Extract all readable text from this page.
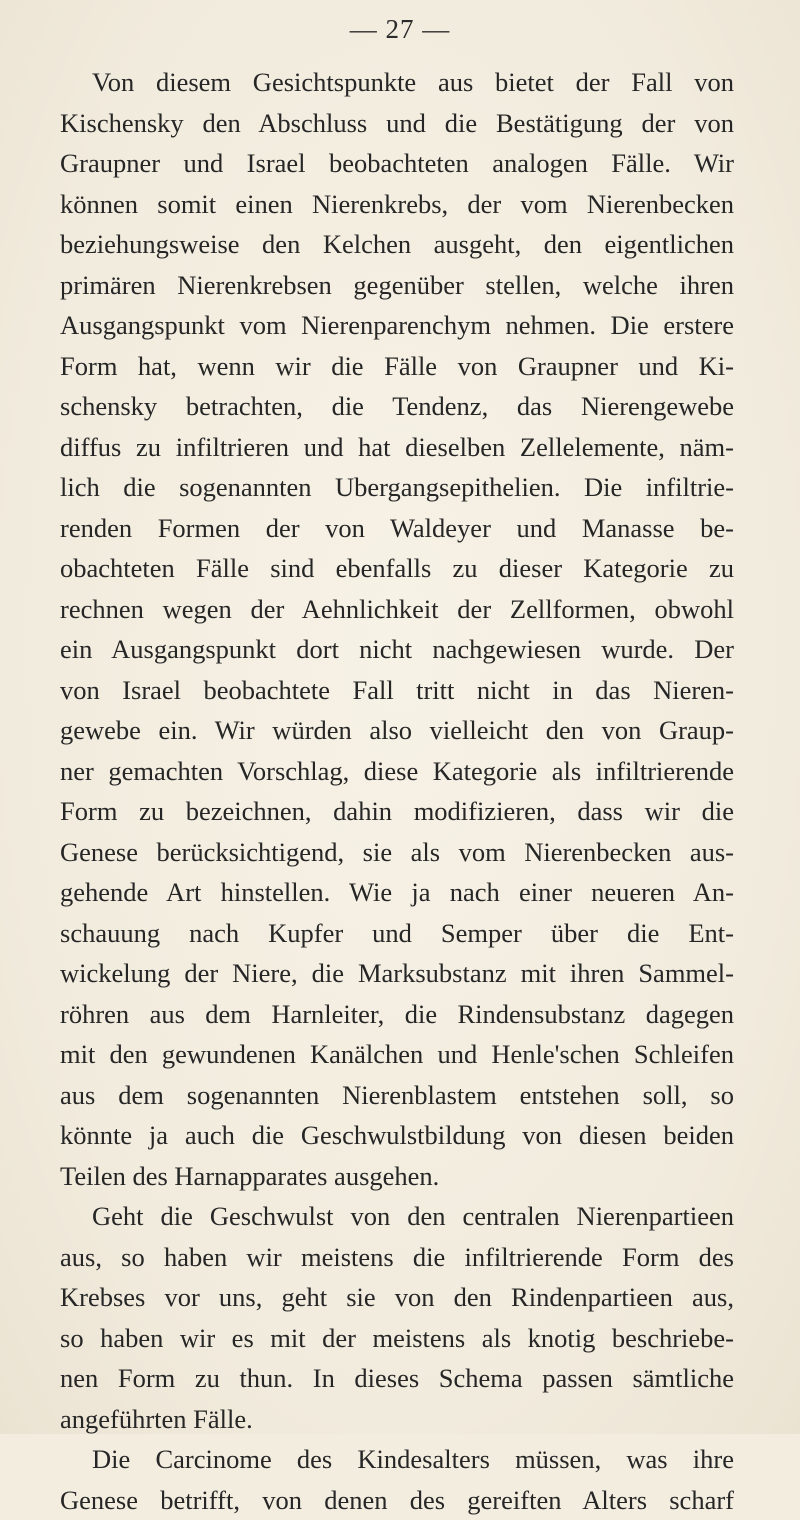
— 27 —
Von diesem Gesichtspunkte aus bietet der Fall von
Kischensky den Abschluss und die Bestätigung der von
Graupner und Israel beobachteten analogen Fälle. Wir
können somit einen Nierenkrebs, der vom Nierenbecken
beziehungsweise den Kelchen ausgeht, den eigentlichen
primären Nierenkrebsen gegenüber stellen, welche ihren
Ausgangspunkt vom Nierenparenchym nehmen. Die erstere
Form hat, wenn wir die Fälle von Graupner und Ki-
schensky betrachten, die Tendenz, das Nierengewebe
diffus zu infiltrieren und hat dieselben Zellelemente, näm-
lich die sogenannten Ubergangsepithelien. Die infiltrie-
renden Formen der von Waldeyer und Manasse be-
obachteten Fälle sind ebenfalls zu dieser Kategorie zu
rechnen wegen der Aehnlichkeit der Zellformen, obwohl
ein Ausgangspunkt dort nicht nachgewiesen wurde. Der
von Israel beobachtete Fall tritt nicht in das Nieren-
gewebe ein. Wir würden also vielleicht den von Graup-
ner gemachten Vorschlag, diese Kategorie als infiltrierende
Form zu bezeichnen, dahin modifizieren, dass wir die
Genese berücksichtigend, sie als vom Nierenbecken aus-
gehende Art hinstellen. Wie ja nach einer neueren An-
schauung nach Kupfer und Semper über die Ent-
wickelung der Niere, die Marksubstanz mit ihren Sammel-
röhren aus dem Harnleiter, die Rindensubstanz dagegen
mit den gewundenen Kanälchen und Henle'schen Schleifen
aus dem sogenannten Nierenblastem entstehen soll, so
könnte ja auch die Geschwulstbildung von diesen beiden
Teilen des Harnapparates ausgehen.
Geht die Geschwulst von den centralen Nierenpartieen
aus, so haben wir meistens die infiltrierende Form des
Krebses vor uns, geht sie von den Rindenpartieen aus,
so haben wir es mit der meistens als knotig beschriebe-
nen Form zu thun. In dieses Schema passen sämtliche
angeführten Fälle.
Die Carcinome des Kindesalters müssen, was ihre
Genese betrifft, von denen des gereiften Alters scharf
